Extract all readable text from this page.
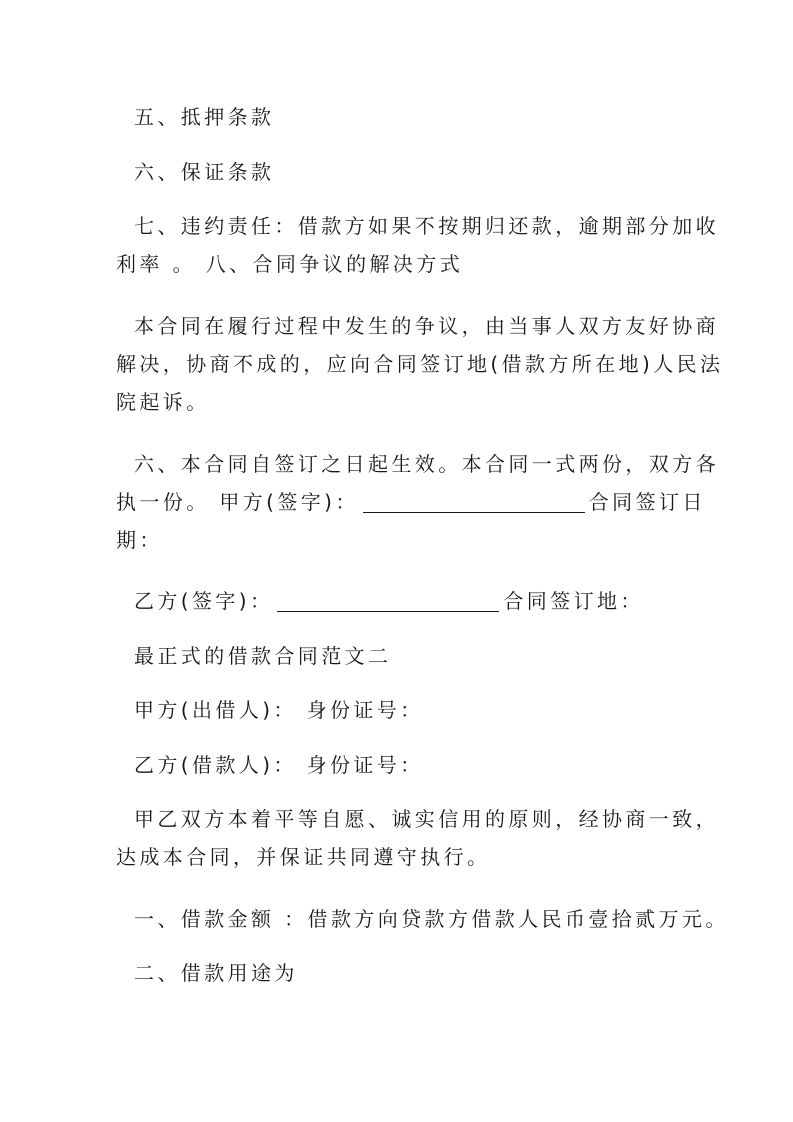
五、抵押条款

六、保证条款

七、违约责任：借款方如果不按期归还款，逾期部分加收
利率 。 八、合同争议的解决方式

本合同在履行过程中发生的争议，由当事人双方友好协商
解决，协商不成的，应向合同签订地(借款方所在地)人民法
院起诉。

六、本合同自签订之日起生效。本合同一式两份，双方各
执一份。 甲方(签字)：	合同签订日
期：

乙方(签字)：	合同签订地：

最正式的借款合同范文二

甲方(出借人)： 身份证号：

乙方(借款人)： 身份证号：

甲乙双方本着平等自愿、诚实信用的原则，经协商一致，
达成本合同，并保证共同遵守执行。

一、借款金额 ：借款方向贷款方借款人民币壹拾贰万元。

二、借款用途为
